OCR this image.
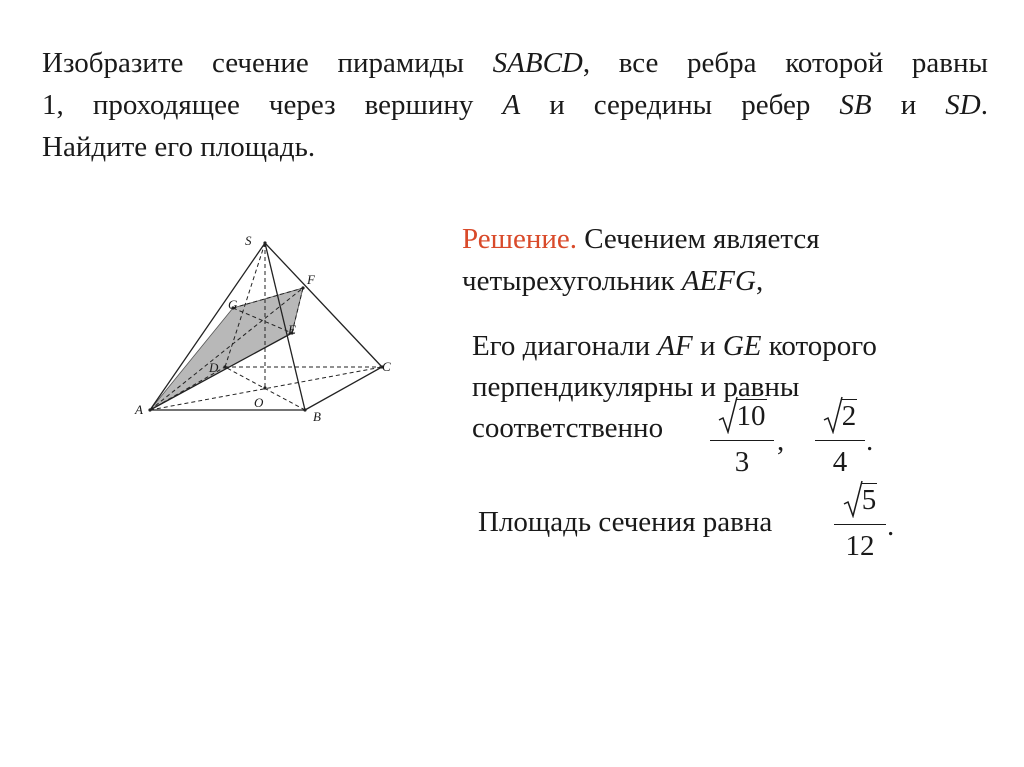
Изобразите сечение пирамиды SABCD, все ребра которой равны
1, проходящее через вершину A и середины ребер SB и SD.
Найдите его площадь.
S
A	B
C
D
O
E
F
G
Решение. Сечением является
четырехугольник AEFG,
Его диагонали AF и GE которого
перпендикулярны и равны
соответственно	10
3
,
2
4
.
Площадь сечения равна
5
12
.
